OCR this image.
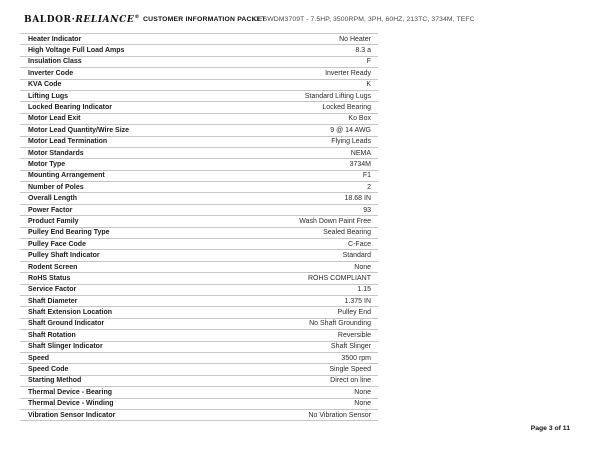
BALDOR·RELIANCE® CUSTOMER INFORMATION PACKET
CESWDM3709T - 7.5HP, 3500RPM, 3PH, 60HZ, 213TC, 3734M, TEFC
Heater Indicator	No Heater
High Voltage Full Load Amps	8.3 a
Insulation Class	F
Inverter Code	Inverter Ready
KVA Code	K
Lifting Lugs	Standard Lifting Lugs
Locked Bearing Indicator	Locked Bearing
Motor Lead Exit	Ko Box
Motor Lead Quantity/Wire Size	9 @ 14 AWG
Motor Lead Termination	Flying Leads
Motor Standards	NEMA
Motor Type	3734M
Mounting Arrangement	F1
Number of Poles	2
Overall Length	18.68 IN
Power Factor	93
Product Family	Wash Down Paint Free
Pulley End Bearing Type	Sealed Bearing
Pulley Face Code	C-Face
Pulley Shaft Indicator	Standard
Rodent Screen	None
RoHS Status	ROHS COMPLIANT
Service Factor	1.15
Shaft Diameter	1.375 IN
Shaft Extension Location	Pulley End
Shaft Ground Indicator	No Shaft Grounding
Shaft Rotation	Reversible
Shaft Slinger Indicator	Shaft Slinger
Speed	3500 rpm
Speed Code	Single Speed
Starting Method	Direct on line
Thermal Device - Bearing	None
Thermal Device - Winding	None
Vibration Sensor Indicator	No Vibration Sensor
Page 3 of 11
